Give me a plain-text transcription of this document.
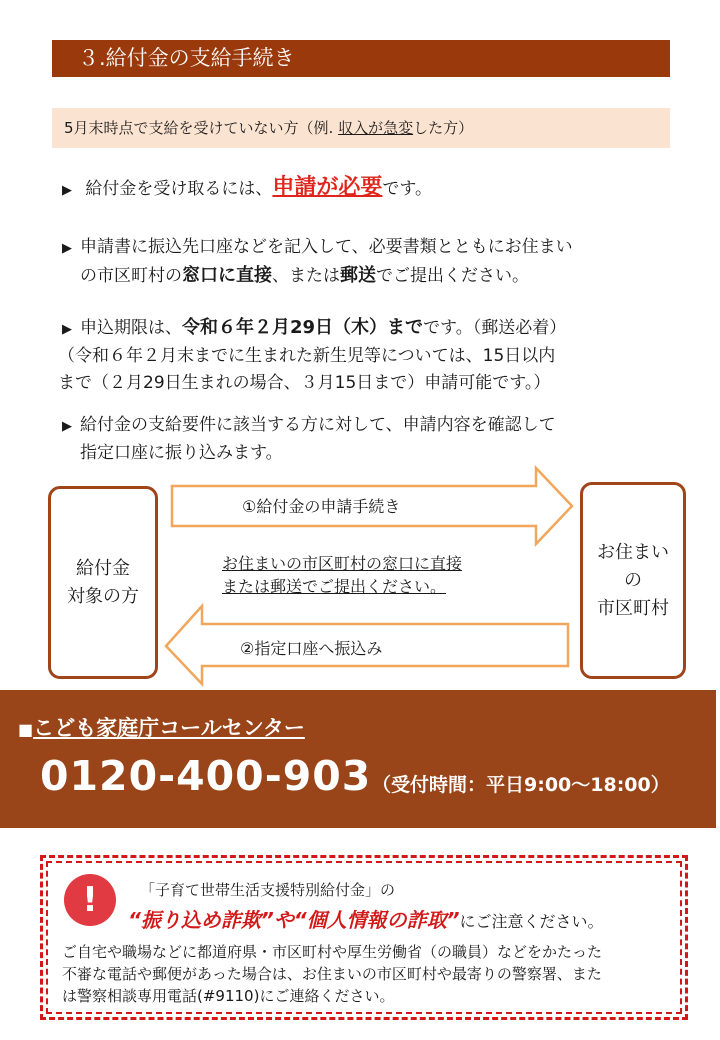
３.給付金の支給手続き
5月末時点で支給を受けていない方（例. 収入が急変した方）
▶ 給付金を受け取るには、申請が必要です。
▶ 申請書に振込先口座などを記入して、必要書類とともにお住まい
の市区町村の窓口に直接、または郵送でご提出ください。
▶ 申込期限は、令和６年２月29日（木）までです。（郵送必着）
（令和６年２月末までに生まれた新生児等については、15日以内
まで（２月29日生まれの場合、３月15日まで）申請可能です。）
▶ 給付金の支給要件に該当する方に対して、申請内容を確認して
指定口座に振り込みます。
給付金
対象の方
お住まい
の
市区町村
①給付金の申請手続き
②指定口座へ振込み
お住まいの市区町村の窓口に直接
または郵送でご提出ください。
■こども家庭庁コールセンター
0120-400-903 （受付時間：平日9:00〜18:00）
!	「子育て世帯生活支援特別給付金」の
“振り込め詐欺”や“個人情報の詐取”にご注意ください。
ご自宅や職場などに都道府県・市区町村や厚生労働省（の職員）などをかたった
不審な電話や郵便があった場合は、お住まいの市区町村や最寄りの警察署、また
は警察相談専用電話(#9110)にご連絡ください。
